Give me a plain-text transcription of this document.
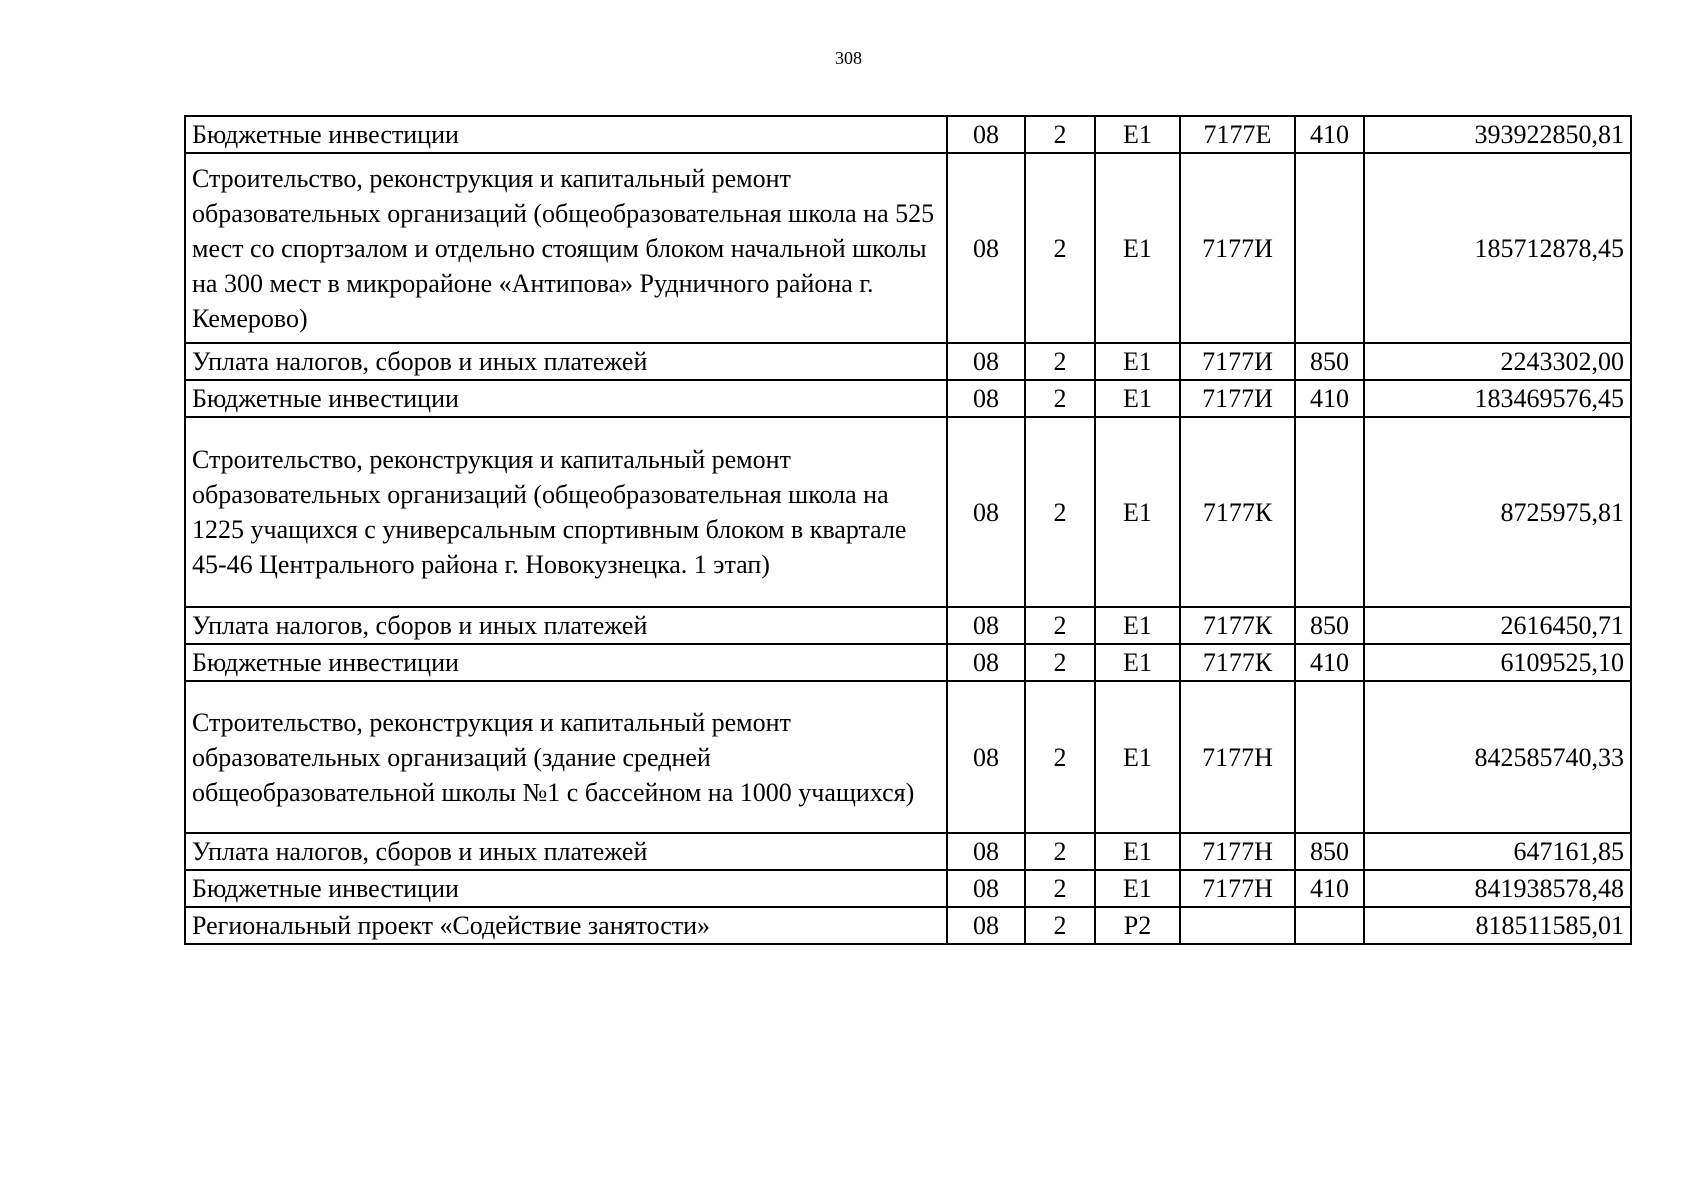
308
Бюджетные инвестиции	08	2	Е1	7177Е	410	393922850,81
Строительство, реконструкция и капитальный ремонт образовательных организаций (общеобразовательная школа на 525 мест со спортзалом и отдельно стоящим блоком начальной школы на 300 мест в микрорайоне «Антипова» Рудничного района г. Кемерово)	08	2	Е1	7177И		185712878,45
Уплата налогов, сборов и иных платежей	08	2	Е1	7177И	850	2243302,00
Бюджетные инвестиции	08	2	Е1	7177И	410	183469576,45
Строительство, реконструкция и капитальный ремонт образовательных организаций (общеобразовательная школа на 1225 учащихся с универсальным спортивным блоком в квартале 45-46 Центрального района г. Новокузнецка. 1 этап)	08	2	Е1	7177К		8725975,81
Уплата налогов, сборов и иных платежей	08	2	Е1	7177К	850	2616450,71
Бюджетные инвестиции	08	2	Е1	7177К	410	6109525,10
Строительство, реконструкция и капитальный ремонт образовательных организаций (здание средней общеобразовательной школы №1 с бассейном на 1000 учащихся)	08	2	Е1	7177Н		842585740,33
Уплата налогов, сборов и иных платежей	08	2	Е1	7177Н	850	647161,85
Бюджетные инвестиции	08	2	Е1	7177Н	410	841938578,48
Региональный проект «Содействие занятости»	08	2	Р2			818511585,01
